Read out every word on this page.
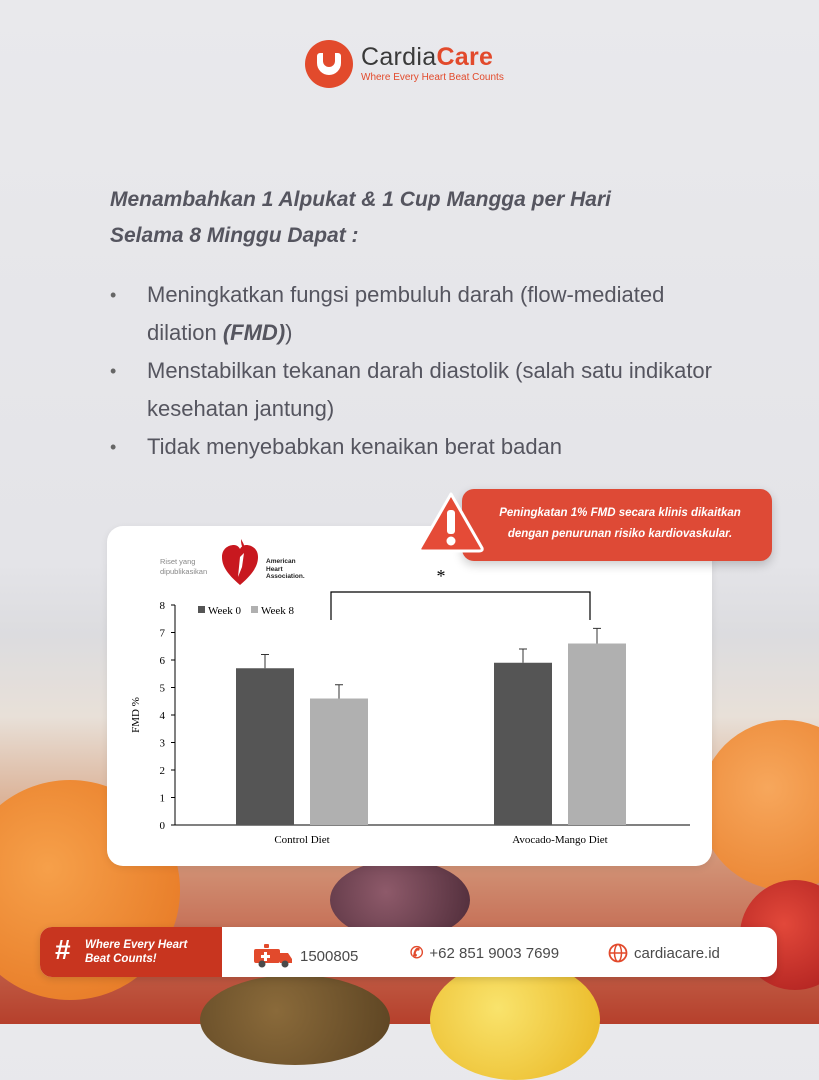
CardiaCare
Where Every Heart Beat Counts
Menambahkan 1 Alpukat & 1 Cup Mangga per Hari
Selama 8 Minggu Dapat :
• Meningkatkan fungsi pembuluh darah (flow-mediated dilation (FMD))
• Menstabilkan tekanan darah diastolik (salah satu indikator kesehatan jantung)
• Tidak menyebabkan kenaikan berat badan
Riset yang
dipublikasikan
American
Heart
Association.
0
1
2
3
4
5
6
7
8
FMD %
Control Diet	Avocado-Mango Diet
Week 0 Week 8
*
Peningkatan 1% FMD secara klinis dikaitkan
dengan penurunan risiko kardiovaskular.
# Where Every Heart
Beat Counts!	1500805	✆ +62 851 9003 7699	cardiacare.id
